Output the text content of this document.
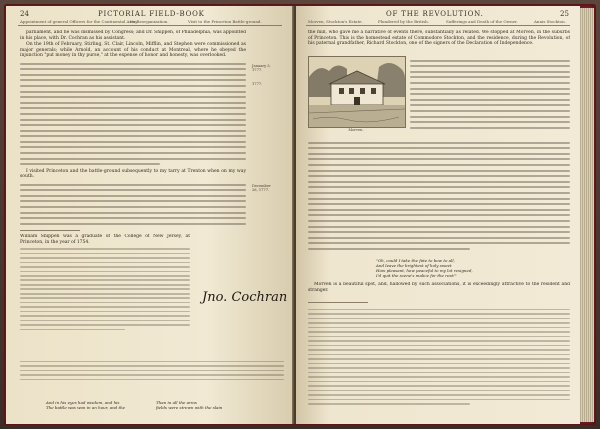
24	PICTORIAL FIELD-BOOK
Appointment of general Officers for the Continental Army.
Its Reorganization.	Visit to the Princeton Battle-ground.

parliament, and he was dismissed by Congress; and Dr. Shippen, of Philadelphia, was appointed in his place, with Dr. Cochran as his assistant.

On the 19th of February, Stirling, St. Clair, Lincoln, Mifflin, and Stephen were commissioned as major generals; while Arnold, an account of his conduct at Montreal, where he obeyed the injunction "put money in thy purse," at the expense of honor and honesty, was overlooked.

I visited Princeton and the battle-ground subsequently to my tarry at Trenton when on my way south.

January 3, 1777.
1777.
December 26, 1777.

William Shippen was a graduate of the College of New Jersey, at Princeton, in the year of 1754.

Jno. Cochran
And in his eyes had wisdom, and his
The battle was won in an hour, and the
Than in all the arms
fields were strewn with the slain
OF THE REVOLUTION.	25
Morven, Stockton's Estate.	Plundered by the British.	Sufferings and Death of the Owner.	Annis Stockton.

the mill, who gave me a narrative of events there, substantially as related. We stopped at Morven, in the suburbs of Princeton. This is the homestead estate of Commodore Stockton, and the residence, during the Revolution, of his paternal grandfather, Richard Stockton, one of the signers of the Declaration of Independence.

Morven.
"Oh, could I take the fate to bow to all,
And leave the brightest of holy sweet
How pleasant, how peaceful to my lot resigned,
I'd quit the scene's malice for the rest!"

Morven is a beautiful spot, and, hallowed by such associations, it is exceedingly attractive to the resident and stranger.
